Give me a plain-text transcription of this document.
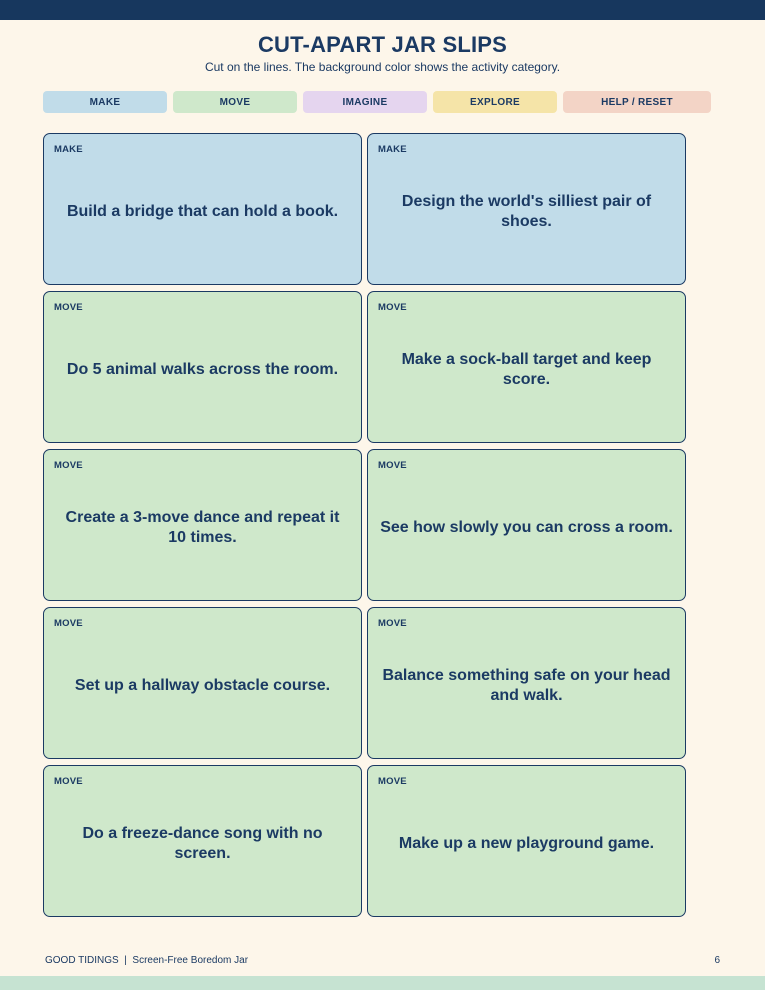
CUT-APART JAR SLIPS

Cut on the lines. The background color shows the activity category.

MAKE	MOVE	IMAGINE	EXPLORE	HELP / RESET
MAKE
Build a bridge that can hold a book.
MAKE
Design the world's silliest pair of shoes.
MOVE
Do 5 animal walks across the room.
MOVE
Make a sock-ball target and keep score.
MOVE
Create a 3-move dance and repeat it 10 times.
MOVE
See how slowly you can cross a room.
MOVE
Set up a hallway obstacle course.
MOVE
Balance something safe on your head and walk.
MOVE
Do a freeze-dance song with no screen.
MOVE
Make up a new playground game.
GOOD TIDINGS  |  Screen-Free Boredom Jar	6
